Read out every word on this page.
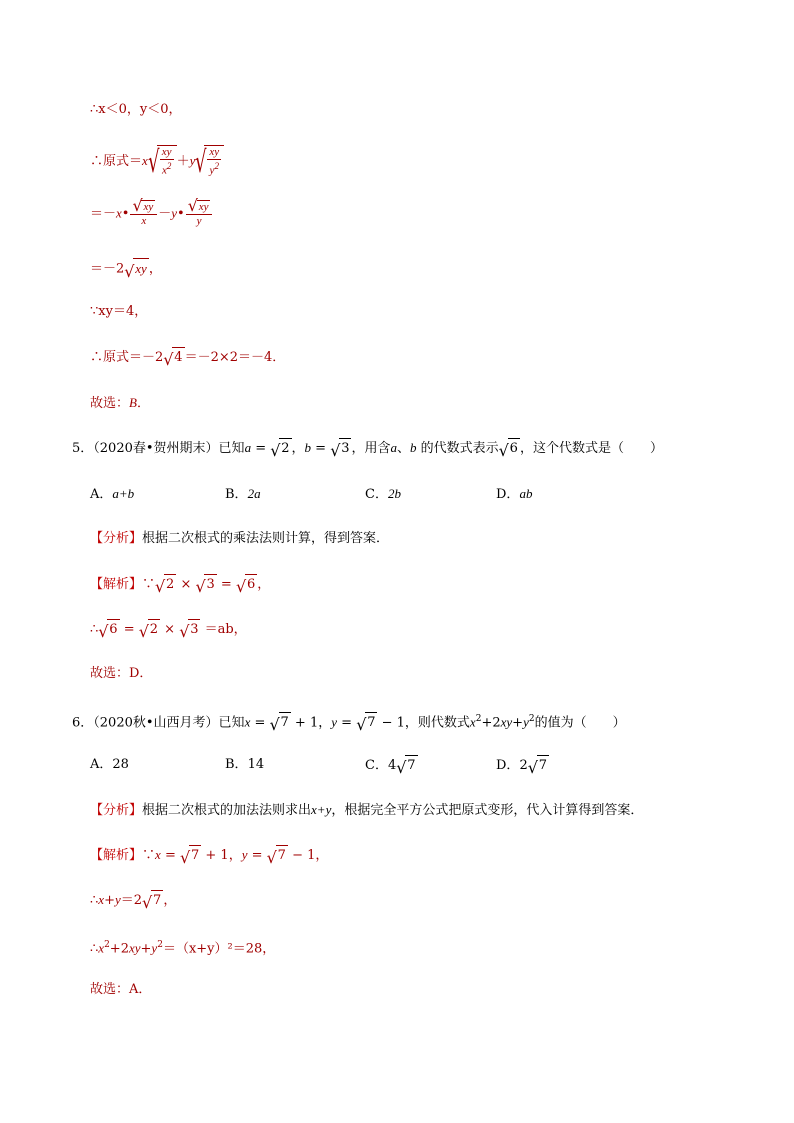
∴x＜0，y＜0，
∴原式＝x √ $\frac{xy}{x^2} +y$ √ $\frac{xy}{y^2}$
＝－x• √ $\frac{xy}{x}$ －y• √ $\frac{xy}{y}$
＝－2 √ xy ，
∵xy＝4，
∴原式＝－2 √ 4 ＝－2×2＝－4．
故选：B．
5．（2020春•贺州期末）已知a = √ 2 ，b = √ 3 ，用含a、b 的代数式表示 √ 6 ，这个代数式是（　　）
A．a+b	B．2a	C．2b	D．ab
【分析】根据二次根式的乘法法则计算，得到答案．
【解析】∵ √ 2 × √ 3 = √ 6 ，
∴ √ 6 = √ 2 × √ 3 ＝ab，
故选：D．
6．（2020秋•山西月考）已知x = √ 7 + 1，y = √ 7 − 1，则代数式$x^2+2xy+y^2$的值为（　　）
A．28	B．14	C．4 √ 7	D．2 √ 7
【分析】根据二次根式的加法法则求出x+y，根据完全平方公式把原式变形，代入计算得到答案．
【解析】∵x = √ 7 + 1，y = √ 7 − 1，
∴x+y＝2 √ 7 ，
$\therefore x^2+2xy+y^2=(x+y)^2=28$，
故选：A．
